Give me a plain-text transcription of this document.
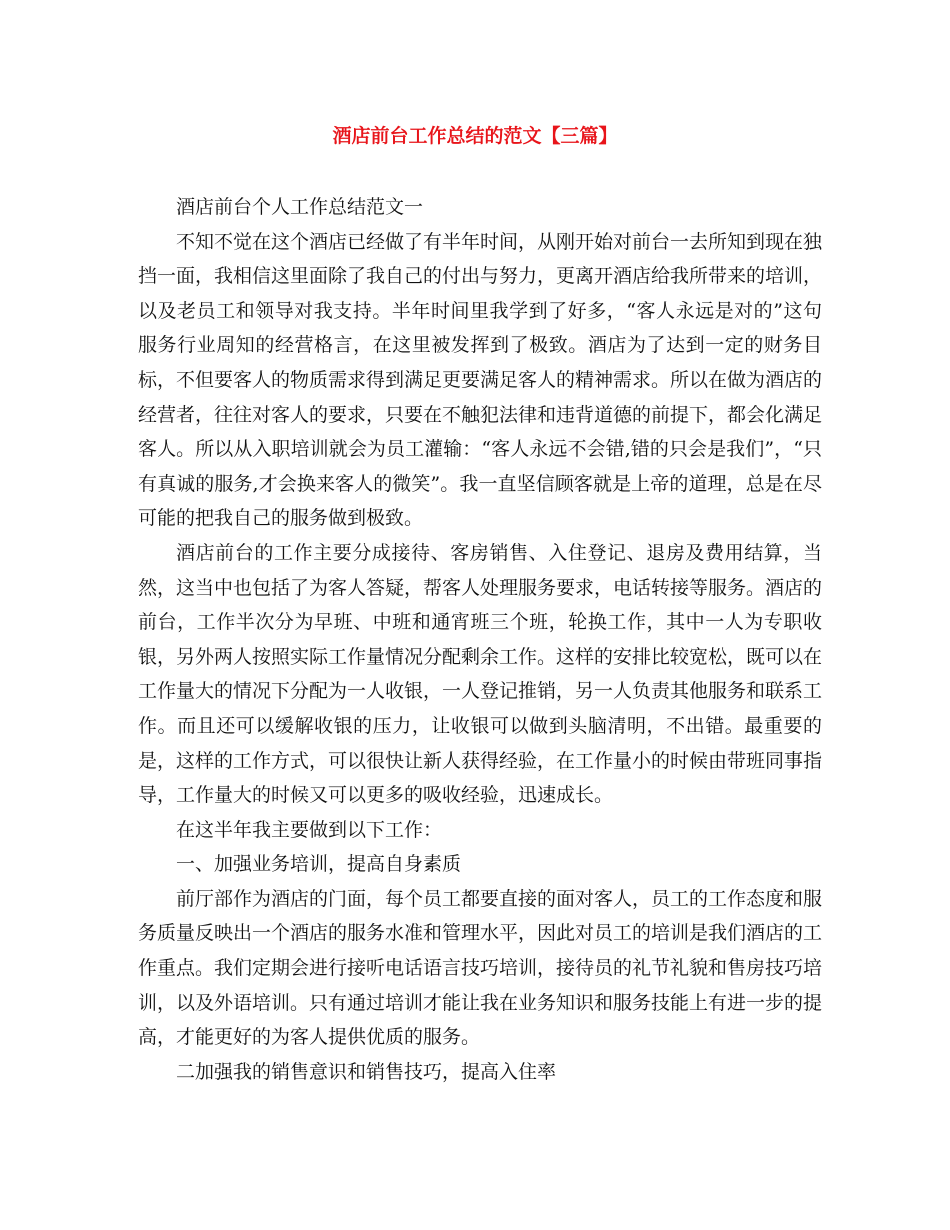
酒店前台工作总结的范文【三篇】

酒店前台个人工作总结范文一

不知不觉在这个酒店已经做了有半年时间，从刚开始对前台一去所知到现在独挡一面，我相信这里面除了我自己的付出与努力，更离开酒店给我所带来的培训，以及老员工和领导对我支持。半年时间里我学到了好多，“客人永远是对的”这句服务行业周知的经营格言，在这里被发挥到了极致。酒店为了达到一定的财务目标，不但要客人的物质需求得到满足更要满足客人的精神需求。所以在做为酒店的经营者，往往对客人的要求，只要在不触犯法律和违背道德的前提下，都会化满足客人。所以从入职培训就会为员工灌输：“客人永远不会错,错的只会是我们”，“只有真诚的服务,才会换来客人的微笑”。我一直坚信顾客就是上帝的道理，总是在尽可能的把我自己的服务做到极致。

酒店前台的工作主要分成接待、客房销售、入住登记、退房及费用结算，当然，这当中也包括了为客人答疑，帮客人处理服务要求，电话转接等服务。酒店的前台，工作半次分为早班、中班和通宵班三个班，轮换工作，其中一人为专职收银，另外两人按照实际工作量情况分配剩余工作。这样的安排比较宽松，既可以在工作量大的情况下分配为一人收银，一人登记推销，另一人负责其他服务和联系工作。而且还可以缓解收银的压力，让收银可以做到头脑清明，不出错。最重要的是，这样的工作方式，可以很快让新人获得经验，在工作量小的时候由带班同事指导，工作量大的时候又可以更多的吸收经验，迅速成长。

在这半年我主要做到以下工作：

一、加强业务培训，提高自身素质

前厅部作为酒店的门面，每个员工都要直接的面对客人，员工的工作态度和服务质量反映出一个酒店的服务水准和管理水平，因此对员工的培训是我们酒店的工作重点。我们定期会进行接听电话语言技巧培训，接待员的礼节礼貌和售房技巧培训，以及外语培训。只有通过培训才能让我在业务知识和服务技能上有进一步的提高，才能更好的为客人提供优质的服务。

二加强我的销售意识和销售技巧，提高入住率
